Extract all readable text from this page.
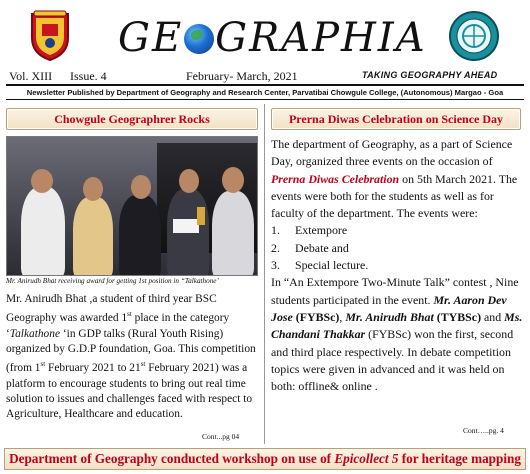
GE GRAPHIA
Vol. XIII Issue. 4	February- March, 2021	TAKING GEOGRAPHY AHEAD
Newsletter Published by Department of Geography and Research Center, Parvatibai Chowgule College, (Autonomous) Margao - Goa
Chowgule Geographrer Rocks
Mr. Anirudh Bhat receiving award for getting 1st position in “Talkathone’

Mr. Anirudh Bhat ,a student of third year BSC Geography was awarded 1st place in the category ‘Talkathone ‘in GDP talks (Rural Youth Rising) organized by G.D.P foundation, Goa. This competition (from 1st February 2021 to 21st February 2021) was a platform to encourage students to bring out real time solution to issues and challenges faced with respect to Agriculture, Healthcare and education.

Cont...pg 04
Prerna Diwas Celebration on Science Day

The department of Geography, as a part of Science Day, organized three events on the occasion of Prerna Diwas Celebration on 5th March 2021. The events were both for the students as well as for faculty of the department. The events were:

1.	Extempore
2.	Debate and
3.	Special lecture.

In “An Extempore Two-Minute Talk” contest , Nine students participated in the event. Mr. Aaron Dev Jose (FYBSc), Mr. Anirudh Bhat (TYBSc) and Ms. Chandani Thakkar (FYBSc) won the first, second and third place respectively. In debate competition topics were given in advanced and it was held on both: offline& online .

Cont…..pg. 4
Department of Geography conducted workshop on use of Epicollect 5 for heritage mapping
